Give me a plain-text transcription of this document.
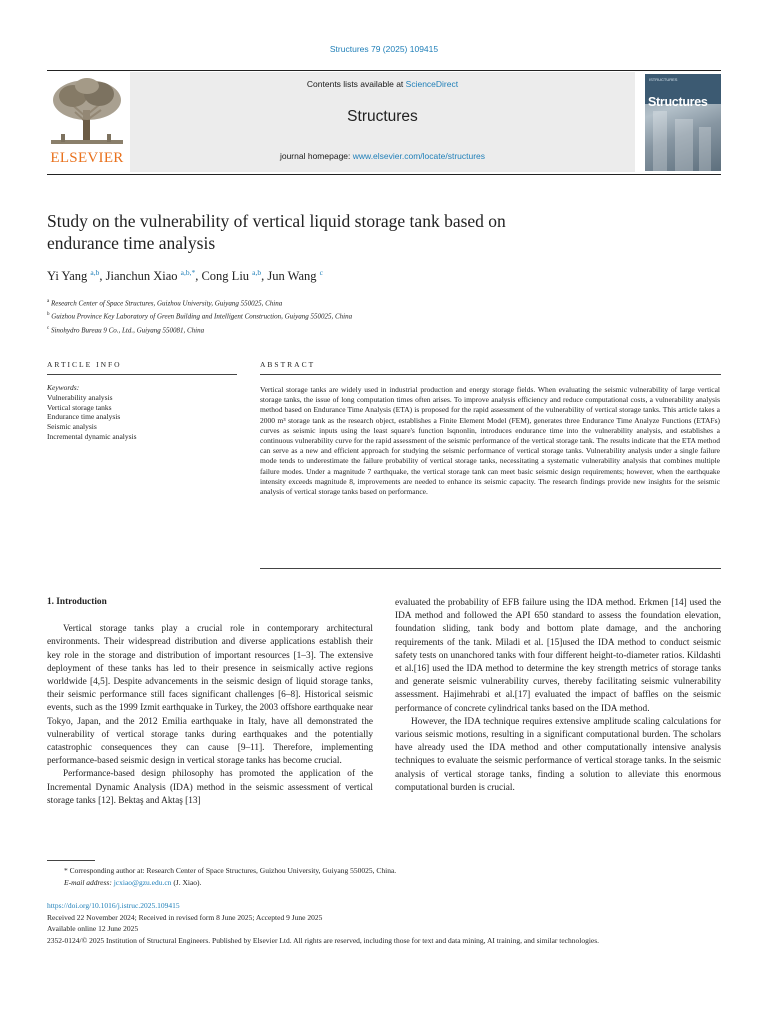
Structures 79 (2025) 109415
ELSEVIER
Contents lists available at ScienceDirect
Structures
journal homepage: www.elsevier.com/locate/structures
ISTRUCTURES
Structures
Study on the vulnerability of vertical liquid storage tank based on
endurance time analysis
Yi Yang $^{a,b}$, Jianchun Xiao $^{a,b,*}$, Cong Liu $^{a,b}$, Jun Wang $^c$
$^a$ Research Center of Space Structures, Guizhou University, Guiyang 550025, China
$^b$ Guizhou Province Key Laboratory of Green Building and Intelligent Construction, Guiyang 550025, China
$^c$ Sinohydro Bureau 9 Co., Ltd., Guiyang 550081, China
ARTICLE INFO	ABSTRACT
Keywords:
Vulnerability analysis
Vertical storage tanks
Endurance time analysis
Seismic analysis
Incremental dynamic analysis
Vertical storage tanks are widely used in industrial production and energy storage fields. When evaluating the seismic vulnerability of large vertical storage tanks, the issue of long computation times often arises. To improve analysis efficiency and reduce computational costs, a vulnerability analysis method based on Endurance Time Analysis (ETA) is proposed for the rapid assessment of the vulnerability of vertical storage tanks. This article takes a 2000 m³ storage tank as the research object, establishes a Finite Element Model (FEM), generates three Endurance Time Analyze Functions (ETAFs) curves as seismic inputs using the least square's function lsqnonlin, introduces endurance time into the vulnerability analysis, and establishes a continuous vulnerability curve for the rapid assessment of the seismic performance of the vertical storage tank. The results indicate that the ETA method can serve as a new and efficient approach for studying the seismic performance of vertical storage tanks. Vulnerability analysis under a single failure mode tends to underestimate the failure probability of vertical storage tanks, necessitating a systematic vulnerability analysis that combines multiple failure modes. Under a magnitude 7 earthquake, the vertical storage tank can meet basic seismic design requirements; however, when the earthquake intensity exceeds magnitude 8, improvements are needed to enhance its seismic capacity. The research findings provide new insights for the seismic analysis of vertical storage tanks based on performance.
1. Introduction

Vertical storage tanks play a crucial role in contemporary architectural environments. Their widespread distribution and diverse applications establish their key role in the storage and distribution of important resources [1–3]. The extensive deployment of these tanks has led to their presence in seismically active regions worldwide [4,5]. Despite advancements in the seismic design of liquid storage tanks, their seismic performance still faces significant challenges [6–8]. Historical seismic events, such as the 1999 Izmit earthquake in Turkey, the 2003 offshore earthquake near Tokyo, Japan, and the 2012 Emilia earthquake in Italy, have all demonstrated the vulnerability of vertical storage tanks during earthquakes and the potentially catastrophic consequences they can cause [9–11]. Therefore, implementing performance-based seismic design in vertical storage tanks has become crucial.

Performance-based design philosophy has promoted the application of the Incremental Dynamic Analysis (IDA) method in the seismic assessment of vertical storage tanks [12]. Bektaş and Aktaş [13]

evaluated the probability of EFB failure using the IDA method. Erkmen [14] used the IDA method and followed the API 650 standard to assess the foundation elevation, foundation sliding, tank body and bottom plate damage, and the anchoring requirements of the tank. Miladi et al. [15]used the IDA method to conduct seismic safety tests on unanchored tanks with four different height-to-diameter ratios. Kildashti et al.[16] used the IDA method to determine the key strength metrics of storage tanks and generate seismic vulnerability curves, thereby facilitating seismic vulnerability assessment. Hajimehrabi et al.[17] evaluated the impact of baffles on the seismic performance of concrete cylindrical tanks based on the IDA method.

However, the IDA technique requires extensive amplitude scaling calculations for various seismic motions, resulting in a significant computational burden. The scholars have already used the IDA method and other computationally intensive analysis techniques to evaluate the seismic performance of vertical storage tanks. In the seismic analysis of vertical storage tanks, finding a solution to alleviate this enormous computational burden is crucial.

* Corresponding author at: Research Center of Space Structures, Guizhou University, Guiyang 550025, China.
E-mail address: jcxiao@gzu.edu.cn (J. Xiao).
https://doi.org/10.1016/j.istruc.2025.109415
Received 22 November 2024; Received in revised form 8 June 2025; Accepted 9 June 2025
Available online 12 June 2025
2352-0124/© 2025 Institution of Structural Engineers. Published by Elsevier Ltd. All rights are reserved, including those for text and data mining, AI training, and similar technologies.
